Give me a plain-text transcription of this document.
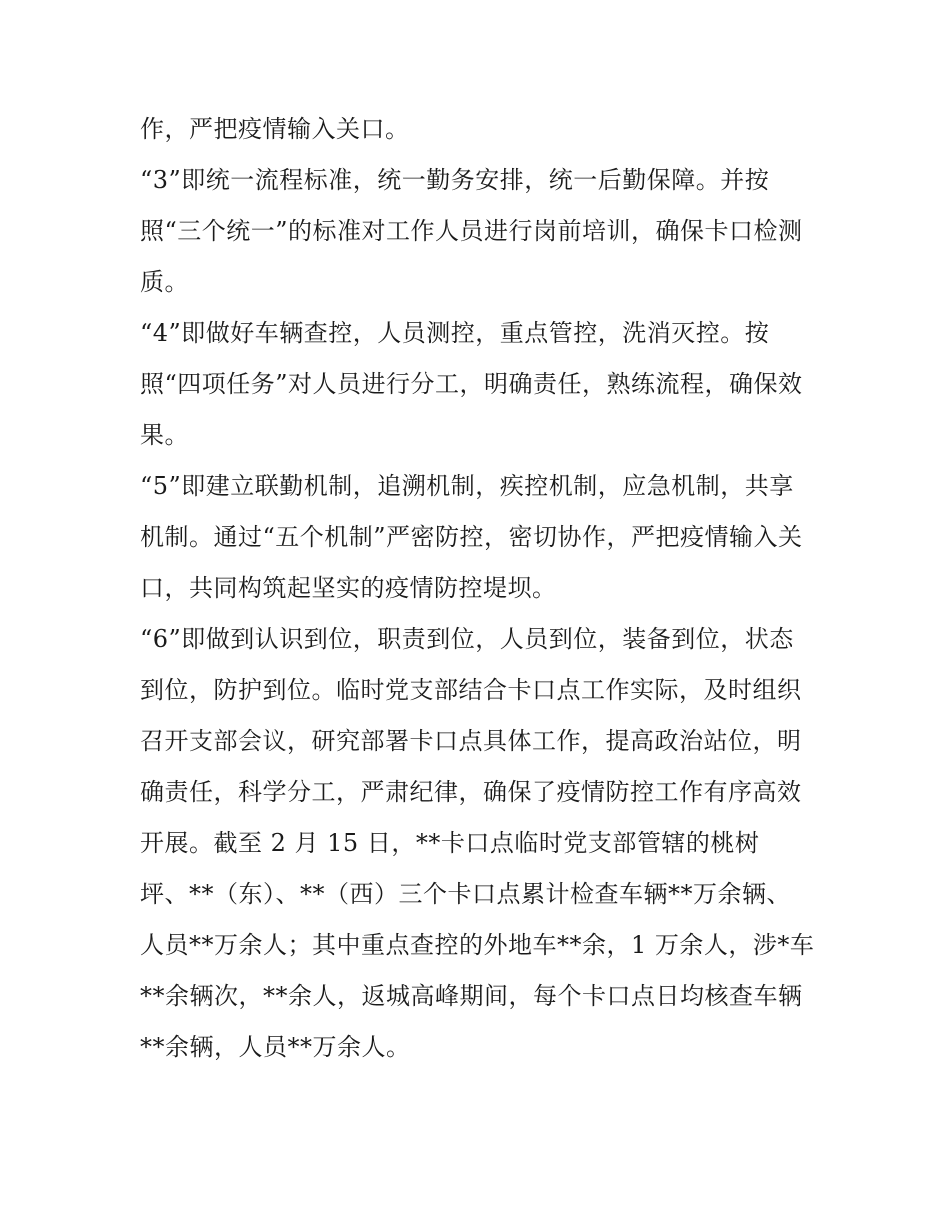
作，严把疫情输入关口。
“3”即统一流程标准，统一勤务安排，统一后勤保障。并按
照“三个统一”的标准对工作人员进行岗前培训，确保卡口检测
质。
“4”即做好车辆查控，人员测控，重点管控，洗消灭控。按
照“四项任务”对人员进行分工，明确责任，熟练流程，确保效
果。
“5”即建立联勤机制，追溯机制，疾控机制，应急机制，共享
机制。通过“五个机制”严密防控，密切协作，严把疫情输入关
口，共同构筑起坚实的疫情防控堤坝。
“6”即做到认识到位，职责到位，人员到位，装备到位，状态
到位，防护到位。临时党支部结合卡口点工作实际，及时组织
召开支部会议，研究部署卡口点具体工作，提高政治站位，明
确责任，科学分工，严肃纪律，确保了疫情防控工作有序高效
开展。截至 2 月 15 日，**卡口点临时党支部管辖的桃树
坪、**（东）、**（西）三个卡口点累计检查车辆**万余辆、
人员**万余人；其中重点查控的外地车**余，1 万余人，涉*车
**余辆次，**余人，返城高峰期间，每个卡口点日均核查车辆
**余辆，人员**万余人。
